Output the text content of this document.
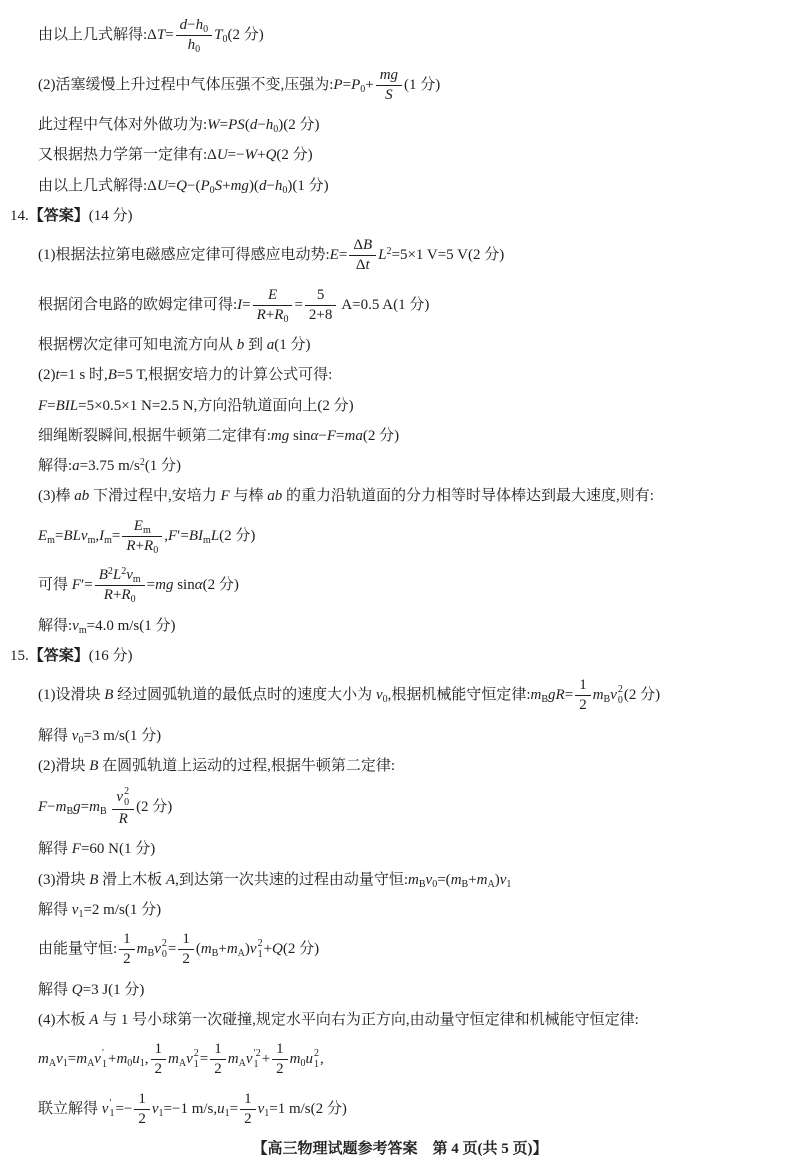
由以上几式解得:ΔT= $\frac{d-h_0}{h_0} T_0(2$ 分)
(2)活塞缓慢上升过程中气体压强不变,压强为$:P=P_0+ \frac{mg}{S} (1$ 分)
此过程中气体对外做功为$:W=PS(d-h_0)(2$ 分)
又根据热力学第一定律有:ΔU=−W+Q(2 分)
由以上几式解得$:\Delta U=Q-(P_0S+mg)(d-h_0)(1$ 分)
14.【答案】(14 分)
(1)根据法拉第电磁感应定律可得感应电动势:E= $\frac{\Delta B}{\Delta t} L^2=5\times 1$ V=5 V(2 分)
根据闭合电路的欧姆定律可得:I= $\frac{E}{R+R_0} = \frac{5}{2+8} A=0.5$ A(1 分)
根据楞次定律可知电流方向从 b 到 a(1 分)
(2)t=1 s 时,B=5 T,根据安培力的计算公式可得:
F=BIL=5×0.5×1 N=2.5 N,方向沿轨道面向上(2 分)
细绳断裂瞬间,根据牛顿第二定律有:mg sinα−F=ma(2 分)
解得:a=3.75 $m/s^2(1$ 分)
(3)棒 ab 下滑过程中,安培力 F 与棒 ab 的重力沿轨道面的分力相等时导体棒达到最大速度,则有:
$E_m=BLv_m,I_m= \frac{E_m}{R+R_0} ,F'=BI_mL(2$ 分)
可得 $F'= \frac{B^2L^2v_m}{R+R_0} =mg$ sinα(2 分)
解得$:v_m=4.0$ m/s(1 分)
15.【答案】(16 分)
(1)设滑块 B 经过圆弧轨道的最低点时的速度大小为 $v_0$,根据机械能守恒定律$:m_BgR= \frac{1}{2} m_Bv$ 2
0 (2 分)
解得 $v_0=3$ m/s(1 分)
(2)滑块 B 在圆弧轨道上运动的过程,根据牛顿第二定律:
$F-m_Bg=m_B$ v 2
0
R (2 分)
解得 F=60 N(1 分)
(3)滑块 B 滑上木板 A,到达第一次共速的过程由动量守恒$:m_Bv_0=(m_B+m_A)v_1$
解得 $v_1=2$ m/s(1 分)
由能量守恒: $\frac{1}{2} m_Bv$ 2
$0 = \frac{1}{2} (m_B+m_A)v$ 2
1 +Q(2 分)
解得 Q=3 J(1 分)
(4)木板 A 与 1 号小球第一次碰撞,规定水平向右为正方向,由动量守恒定律和机械能守恒定律:
$m_Av_1=m_Av$ ′
$1 +m_0u_1$, $\frac{1}{2} m_Av$ 2
$1 = \frac{1}{2} m_Av$ ′2
$1 + \frac{1}{2} m_0u$ 2
1 ,
联立解得 v ′
$1 =- \frac{1}{2} v_1=-1$ $m/s,u_1= \frac{1}{2} v_1=1$ m/s(2 分)
【高三物理试题参考答案　第 4 页(共 5 页)】
